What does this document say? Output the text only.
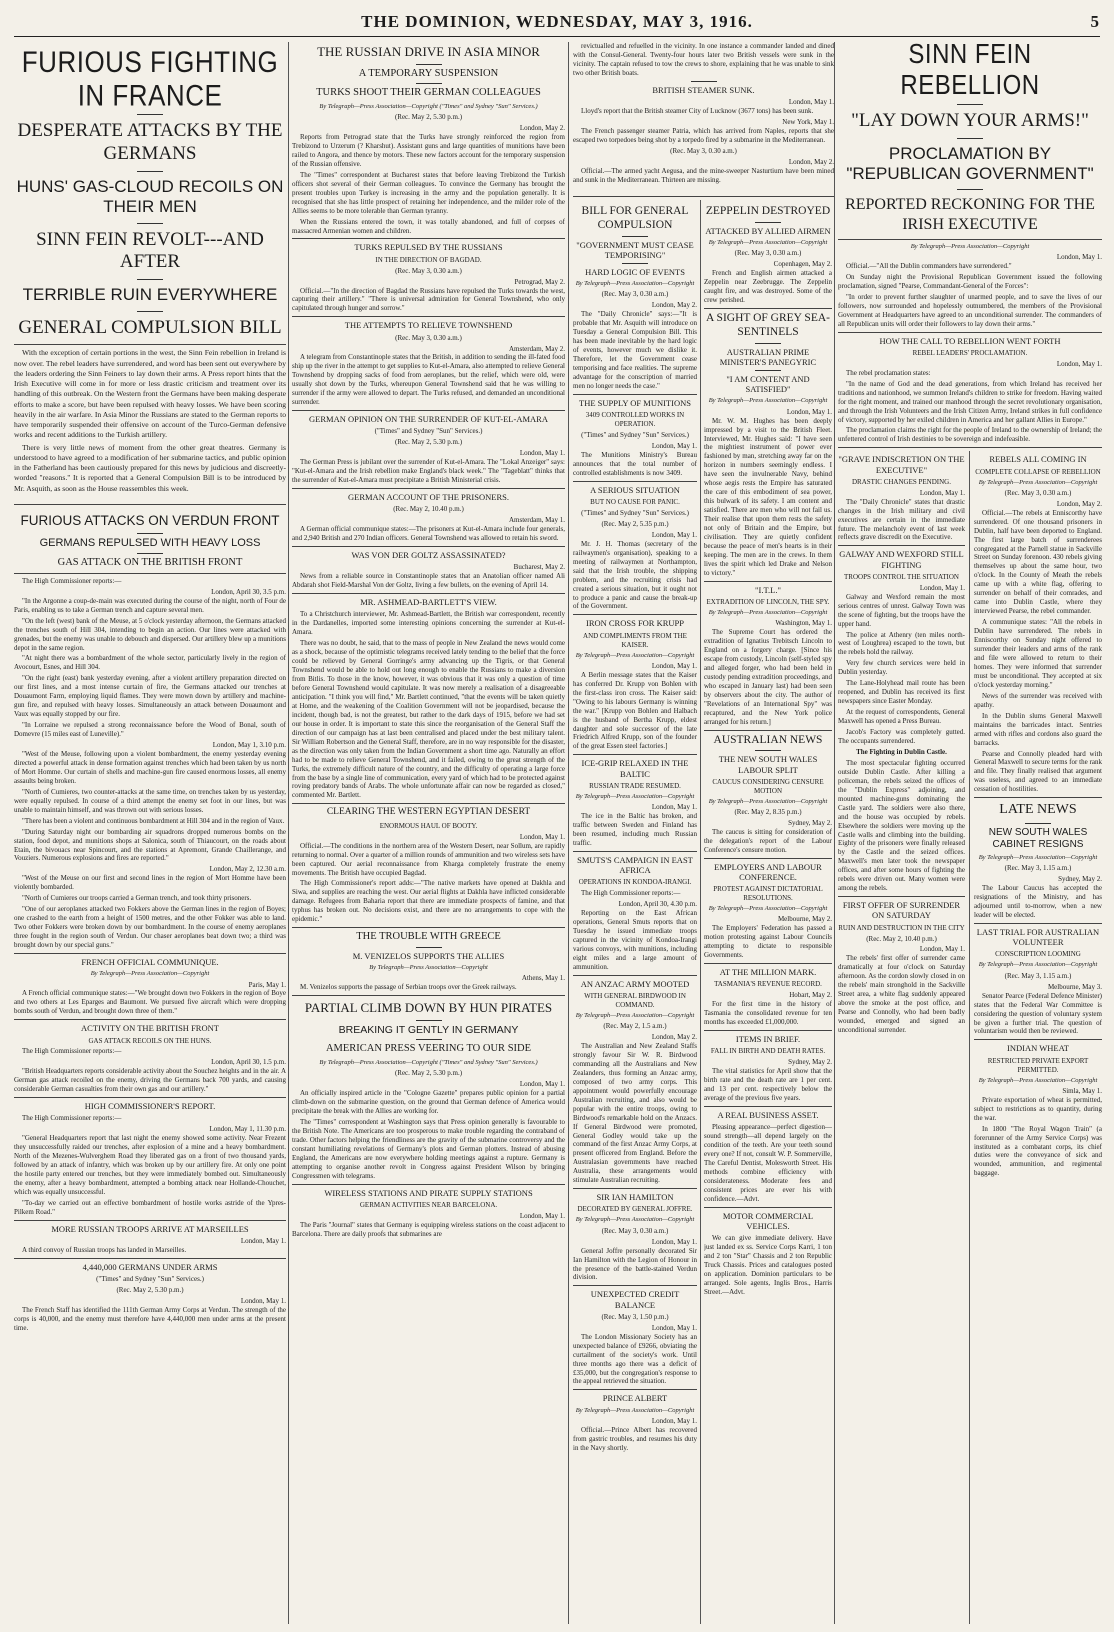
THE DOMINION, WEDNESDAY, MAY 3, 1916.	5
FURIOUS FIGHTING IN FRANCE
DESPERATE ATTACKS BY THE GERMANS
HUNS' GAS-CLOUD RECOILS ON THEIR MEN
SINN FEIN REVOLT---AND AFTER
TERRIBLE RUIN EVERYWHERE
GENERAL COMPULSION BILL

With the exception of certain portions in the west, the Sinn Fein rebellion in Ireland is now over. The rebel leaders have surrendered, and word has been sent out everywhere by the leaders ordering the Sinn Feiners to lay down their arms. A Press report hints that the Irish Executive will come in for more or less drastic criticism and treatment over its handling of this outbreak. On the Western front the Germans have been making desperate efforts to make a score, but have been repulsed with heavy losses. We have been scoring heavily in the air warfare. In Asia Minor the Russians are stated to the German reports to have temporarily suspended their offensive on account of the Turco-German defensive works and recent additions to the Turkish artillery.

There is very little news of moment from the other great theatres. Germany is understood to have agreed to a modification of her submarine tactics, and public opinion in the Fatherland has been cautiously prepared for this news by judicious and discreetly-worded "reasons." It is reported that a General Compulsion Bill is to be introduced by Mr. Asquith, as soon as the House reassembles this week.

FURIOUS ATTACKS ON VERDUN FRONT
GERMANS REPULSED WITH HEAVY LOSS
GAS ATTACK ON THE BRITISH FRONT

The High Commissioner reports:—

London, April 30, 3.5 p.m.

"In the Argonne a coup-de-main was executed during the course of the night, north of Four de Paris, enabling us to take a German trench and capture several men.

"On the left (west) bank of the Meuse, at 5 o'clock yesterday afternoon, the Germans attacked the trenches south of Hill 304, intending to begin an action. Our lines were attacked with grenades, but the enemy was unable to debouch and dispersed. Our artillery blew up a munitions depot in the same region.

"At night there was a bombardment of the whole sector, particularly lively in the region of Avocourt, Esnes, and Hill 304.

"On the right (east) bank yesterday evening, after a violent artillery preparation directed on our first lines, and a most intense curtain of fire, the Germans attacked our trenches at Douaumont Farm, employing liquid flames. They were mown down by artillery and machine-gun fire, and repulsed with heavy losses. Simultaneously an attack between Douaumont and Vaux was equally stopped by our fire.

"In Lorraine we repulsed a strong reconnaissance before the Wood of Bonal, south of Domevre (15 miles east of Luneville)."

London, May 1, 3.10 p.m.

"West of the Meuse, following upon a violent bombardment, the enemy yesterday evening directed a powerful attack in dense formation against trenches which had been taken by us north of Mort Homme. Our curtain of shells and machine-gun fire caused enormous losses, all enemy assaults being broken.

"North of Cumieres, two counter-attacks at the same time, on trenches taken by us yesterday, were equally repulsed. In course of a third attempt the enemy set foot in our lines, but was unable to maintain himself, and was thrown out with serious losses.

"There has been a violent and continuous bombardment at Hill 304 and in the region of Vaux.

"During Saturday night our bombarding air squadrons dropped numerous bombs on the station, food depot, and munitions shops at Salonica, south of Thiaucourt, on the roads about Etain, the bivouacs near Spincourt, and the stations at Apremont, Grande Chaillerange, and Vouziers. Numerous explosions and fires are reported."

London, May 2, 12.30 a.m.

"West of the Meuse on our first and second lines in the region of Mort Homme have been violently bombarded.

"North of Cumieres our troops carried a German trench, and took thirty prisoners.

"One of our aeroplanes attacked two Fokkers above the German lines in the region of Boyes; one crashed to the earth from a height of 1500 metres, and the other Fokker was able to land. Two other Fokkers were broken down by our bombardment. In the course of enemy aeroplanes three fought in the region south of Verdun. Our chaser aeroplanes beat down two; a third was brought down by our special guns."

FRENCH OFFICIAL COMMUNIQUE.
By Telegraph—Press Association—Copyright
Paris, May 1.

A French official communique states:—"We brought down two Fokkers in the region of Boye and two others at Les Eparges and Baumont. We pursued five aircraft which were dropping bombs south of Verdun, and brought down three of them."

ACTIVITY ON THE BRITISH FRONT
GAS ATTACK RECOILS ON THE HUNS.

The High Commissioner reports:—

London, April 30, 1.5 p.m.

"British Headquarters reports considerable activity about the Souchez heights and in the air. A German gas attack recoiled on the enemy, driving the Germans back 700 yards, and causing considerable German casualties from their own gas and our artillery."

HIGH COMMISSIONER'S REPORT.

The High Commissioner reports:—

London, May 1, 11.30 p.m.

"General Headquarters report that last night the enemy showed some activity. Near Frezent they unsuccessfully raided our trenches, after explosion of a mine and a heavy bombardment. North of the Mezenes-Wulverghem Road they liberated gas on a front of two thousand yards, followed by an attack of infantry, which was broken up by our artillery fire. At only one point the hostile party entered our trenches, but they were immediately bombed out. Simultaneously the enemy, after a heavy bombardment, attempted a bombing attack near Hollande-Chouchet, which was equally unsuccessful.

"To-day we carried out an effective bombardment of hostile works astride of the Ypres-Pilkem Road."

MORE RUSSIAN TROOPS ARRIVE AT MARSEILLES
London, May 1.

A third convoy of Russian troops has landed in Marseilles.

4,440,000 GERMANS UNDER ARMS
("Times" and Sydney "Sun" Services.)
(Rec. May 2, 5.30 p.m.)
London, May 1.

The French Staff has identified the 111th German Army Corps at Verdun. The strength of the corps is 40,000, and the enemy must therefore have 4,440,000 men under arms at the present time.

THE RUSSIAN DRIVE IN ASIA MINOR
A TEMPORARY SUSPENSION
TURKS SHOOT THEIR GERMAN COLLEAGUES
By Telegraph—Press Association—Copyright ("Times" and Sydney "Sun" Services.)
(Rec. May 2, 5.30 p.m.)
London, May 2.

Reports from Petrograd state that the Turks have strongly reinforced the region from Trebizond to Urzerum (? Kharshut). Assistant guns and large quantities of munitions have been railed to Angora, and thence by motors. These new factors account for the temporary suspension of the Russian offensive.

The "Times" correspondent at Bucharest states that before leaving Trebizond the Turkish officers shot several of their German colleagues. To convince the Germany has brought the present troubles upon Turkey is increasing in the army and the population generally. It is recognised that she has little prospect of retaining her independence, and the milder role of the Allies seems to be more tolerable than German tyranny.

When the Russians entered the town, it was totally abandoned, and full of corpses of massacred Armenian women and children.

TURKS REPULSED BY THE RUSSIANS
IN THE DIRECTION OF BAGDAD.
(Rec. May 3, 0.30 a.m.)
Petrograd, May 2.

Official.—"In the direction of Bagdad the Russians have repulsed the Turks towards the west, capturing their artillery." "There is universal admiration for General Townshend, who only capitulated through hunger and sorrow."

THE ATTEMPTS TO RELIEVE TOWNSHEND
(Rec. May 3, 0.30 a.m.)
Amsterdam, May 2.

A telegram from Constantinople states that the British, in addition to sending the ill-fated food ship up the river in the attempt to get supplies to Kut-el-Amara, also attempted to relieve General Townshend by dropping sacks of food from aeroplanes, but the relief, which were old, were usually shot down by the Turks, whereupon General Townshend said that he was willing to surrender if the army were allowed to depart. The Turks refused, and demanded an unconditional surrender.

GERMAN OPINION ON THE SURRENDER OF KUT-EL-AMARA
("Times" and Sydney "Sun" Services.)
(Rec. May 2, 5.30 p.m.)
London, May 1.

The German Press is jubilant over the surrender of Kut-el-Amara. The "Lokal Anzeiger" says: "Kut-el-Amara and the Irish rebellion make England's black week." The "Tageblatt" thinks that the surrender of Kut-el-Amara must precipitate a British Ministerial crisis.

GERMAN ACCOUNT OF THE PRISONERS.
(Rec. May 2, 10.40 p.m.)
Amsterdam, May 1.

A German official communique states:—The prisoners at Kut-el-Amara include four generals, and 2,940 British and 270 Indian officers. General Townshend was allowed to retain his sword.

WAS VON DER GOLTZ ASSASSINATED?
Bucharest, May 2.

News from a reliable source in Constantinople states that an Anatolian officer named Ali Abdarah shot Field-Marshal Von der Goltz, living a few bullets, on the evening of April 14.

MR. ASHMEAD-BARTLETT'S VIEW.

To a Christchurch interviewer, Mr. Ashmead-Bartlett, the British war correspondent, recently in the Dardanelles, imported some interesting opinions concerning the surrender at Kut-el-Amara.

There was no doubt, he said, that to the mass of people in New Zealand the news would come as a shock, because of the optimistic telegrams received lately tending to the belief that the force could be relieved by General Gorringe's army advancing up the Tigris, or that General Townshend would be able to hold out long enough to enable the Russians to make a diversion from Bitlis. To those in the know, however, it was obvious that it was only a question of time before General Townshend would capitulate. It was now merely a realisation of a disagreeable anticipation. "I think you will find," Mr. Bartlett continued, "that the events will be taken quietly at Home, and the weakening of the Coalition Government will not be jeopardised, because the incident, though bad, is not the greatest, but rather to the dark days of 1915, before we had set our house in order. It is important to state this since the reorganisation of the General Staff the direction of our campaign has at last been centralised and placed under the best military talent. Sir William Robertson and the General Staff, therefore, are in no way responsible for the disaster, as the direction was only taken from the Indian Government a short time ago. Naturally an effort had to be made to relieve General Townshend, and it failed, owing to the great strength of the Turks, the extremely difficult nature of the country, and the difficulty of operating a large force from the base by a single line of communication, every yard of which had to be protected against roving predatory bands of Arabs. The whole unfortunate affair can now be regarded as closed," commented Mr. Bartlett.

CLEARING THE WESTERN EGYPTIAN DESERT
ENORMOUS HAUL OF BOOTY.
London, May 1.

Official.—The conditions in the northern area of the Western Desert, near Sollum, are rapidly returning to normal. Over a quarter of a million rounds of ammunition and two wireless sets have been captured. Our aerial reconnaissance from Kharga completely frustrate the enemy movements. The British have occupied Bagdad.

The High Commissioner's report adds:—"The native markets have opened at Dakhla and Siwa, and supplies are reaching the west. Our aerial flights at Dakhla have inflicted considerable damage. Refugees from Baharia report that there are immediate prospects of famine, and that typhus has broken out. No decisions exist, and there are no arrangements to cope with the epidemic."

THE TROUBLE WITH GREECE
M. VENIZELOS SUPPORTS THE ALLIES
By Telegraph—Press Association—Copyright
Athens, May 1.

M. Venizelos supports the passage of Serbian troops over the Greek railways.

PARTIAL CLIMB DOWN BY HUN PIRATES
BREAKING IT GENTLY IN GERMANY
AMERICAN PRESS VEERING TO OUR SIDE
By Telegraph—Press Association—Copyright ("Times" and Sydney "Sun" Services.)
(Rec. May 2, 5.30 p.m.)
London, May 1.

An officially inspired article in the "Cologne Gazette" prepares public opinion for a partial climb-down on the submarine question, on the ground that German defence of America would precipitate the break with the Allies are working for.

The "Times" correspondent at Washington says that Press opinion generally is favourable to the British Note. The Americans are too prosperous to make trouble regarding the contraband of trade. Other factors helping the friendliness are the gravity of the submarine controversy and the constant humiliating revelations of Germany's plots and German plotters. Instead of abusing England, the Americans are now everywhere holding meetings against a rupture. Germany is attempting to organise another revolt in Congress against President Wilson by bringing Congressmen with telegrams.

WIRELESS STATIONS AND PIRATE SUPPLY STATIONS
GERMAN ACTIVITIES NEAR BARCELONA.
London, May 1.

The Paris "Journal" states that Germany is equipping wireless stations on the coast adjacent to Barcelona. There are daily proofs that submarines are

revictualled and refuelled in the vicinity. In one instance a commander landed and dined with the Consul-General. Twenty-four hours later two British vessels were sunk in the vicinity. The captain refused to tow the crews to shore, explaining that he was unable to sink two other British boats.

BRITISH STEAMER SUNK.
London, May 1.

Lloyd's report that the British steamer City of Lucknow (3677 tons) has been sunk.

New York, May 1.

The French passenger steamer Patria, which has arrived from Naples, reports that she escaped two torpedoes being shot by a torpedo fired by a submarine in the Mediterranean.

(Rec. May 3, 0.30 a.m.)
London, May 2.

Official.—The armed yacht Aegusa, and the mine-sweeper Nasturtium have been mined and sunk in the Mediterranean. Thirteen are missing.

BILL FOR GENERAL COMPULSION
"GOVERNMENT MUST CEASE TEMPORISING"
HARD LOGIC OF EVENTS
By Telegraph—Press Association—Copyright
(Rec. May 3, 0.30 a.m.)
London, May 2.

The "Daily Chronicle" says:—"It is probable that Mr. Asquith will introduce on Tuesday a General Compulsion Bill. This has been made inevitable by the hard logic of events, however much we dislike it. Therefore, let the Government cease temporising and face realities. The supreme advantage for the conscription of married men no longer needs the case."

THE SUPPLY OF MUNITIONS
3409 CONTROLLED WORKS IN OPERATION.
("Times" and Sydney "Sun" Services.)
London, May 1.

The Munitions Ministry's Bureau announces that the total number of controlled establishments is now 3409.

A SERIOUS SITUATION
BUT NO CAUSE FOR PANIC.
("Times" and Sydney "Sun" Services.)
(Rec. May 2, 5.35 p.m.)
London, May 1.

Mr. J. H. Thomas (secretary of the railwaymen's organisation), speaking to a meeting of railwaymen at Northampton, said that the Irish trouble, the shipping problem, and the recruiting crisis had created a serious situation, but it ought not to produce a panic and cause the break-up of the Government.

IRON CROSS FOR KRUPP
AND COMPLIMENTS FROM THE KAISER.
By Telegraph—Press Association—Copyright
London, May 1.

A Berlin message states that the Kaiser has conferred Dr. Krupp von Bohlen with the first-class iron cross. The Kaiser said: "Owing to his labours Germany is winning the war." [Krupp von Bohlen and Halbach is the husband of Bertha Krupp, eldest daughter and sole successor of the late Friedrich Alfred Krupp, son of the founder of the great Essen steel factories.]

ICE-GRIP RELAXED IN THE BALTIC
RUSSIAN TRADE RESUMED.
By Telegraph—Press Association—Copyright
London, May 1.

The ice in the Baltic has broken, and traffic between Sweden and Finland has been resumed, including much Russian traffic.

SMUTS'S CAMPAIGN IN EAST AFRICA
OPERATIONS IN KONDOA-IRANGI.

The High Commissioner reports:—

London, April 30, 4.30 p.m.

Reporting on the East African operations, General Smuts reports that on Tuesday he issued immediate troops captured in the vicinity of Kondoa-Irangi various convoys, with munitions, including eight miles and a large amount of ammunition.

AN ANZAC ARMY MOOTED
WITH GENERAL BIRDWOOD IN COMMAND.
By Telegraph—Press Association—Copyright
(Rec. May 2, 1.5 a.m.)
London, May 2.

The Australian and New Zealand Staffs strongly favour Sir W. R. Birdwood commanding all the Australians and New Zealanders, thus forming an Anzac army, composed of two army corps. This appointment would powerfully encourage Australian recruiting, and also would be popular with the entire troops, owing to Birdwood's remarkable hold on the Anzacs. If General Birdwood were promoted, General Godley would take up the command of the first Anzac Army Corps, at present officered from England. Before the Australasian governments have reached Australia, these arrangements would stimulate Australian recruiting.

SIR IAN HAMILTON
DECORATED BY GENERAL JOFFRE.
By Telegraph—Press Association—Copyright
(Rec. May 3, 0.30 a.m.)
London, May 1.

General Joffre personally decorated Sir Ian Hamilton with the Legion of Honour in the presence of the battle-stained Verdun division.

UNEXPECTED CREDIT BALANCE
(Rec. May 3, 1.50 p.m.)
London, May 1.

The London Missionary Society has an unexpected balance of £9266, obviating the curtailment of the society's work. Until three months ago there was a deficit of £35,000, but the congregation's response to the appeal retrieved the situation.

PRINCE ALBERT
By Telegraph—Press Association—Copyright
London, May 1.

Official.—Prince Albert has recovered from gastric troubles, and resumes his duty in the Navy shortly.

ZEPPELIN DESTROYED
ATTACKED BY ALLIED AIRMEN
By Telegraph—Press Association—Copyright
(Rec. May 3, 0.30 a.m.)
Copenhagen, May 2.

French and English airmen attacked a Zeppelin near Zeebrugge. The Zeppelin caught fire, and was destroyed. Some of the crew perished.

A SIGHT OF GREY SEA-SENTINELS
AUSTRALIAN PRIME MINISTER'S PANEGYRIC
"I AM CONTENT AND SATISFIED"
By Telegraph—Press Association—Copyright
London, May 1.

Mr. W. M. Hughes has been deeply impressed by a visit to the British Fleet. Interviewed, Mr. Hughes said: "I have seen the mightiest instrument of power ever fashioned by man, stretching away far on the horizon in numbers seemingly endless. I have seen the invulnerable Navy, behind whose aegis rests the Empire has saturated the care of this embodiment of sea power, this bulwark of its safety. I am content and satisfied. There are men who will not fail us. Their realise that upon them rests the safety not only of Britain and the Empire, but civilisation. They are quietly confident because the peace of men's hearts is in their keeping. The men are in the crews. In them lives the spirit which led Drake and Nelson to victory."

"I.T.L."
EXTRADITION OF LINCOLN, THE SPY.
By Telegraph—Press Association—Copyright
Washington, May 1.

The Supreme Court has ordered the extradition of Ignatius Trebitsch Lincoln to England on a forgery charge. [Since his escape from custody, Lincoln (self-styled spy and alleged forger, who had been held in custody pending extradition proceedings, and who escaped in January last) had been seen by observers about the city. The author of "Revelations of an International Spy" was recaptured, and the New York police arranged for his return.]

AUSTRALIAN NEWS
THE NEW SOUTH WALES LABOUR SPLIT
CAUCUS CONSIDERING CENSURE MOTION
By Telegraph—Press Association—Copyright
(Rec. May 2, 8.35 p.m.)
Sydney, May 2.

The caucus is sitting for consideration of the delegation's report of the Labour Conference's censure motion.

EMPLOYERS AND LABOUR CONFERENCE.
PROTEST AGAINST DICTATORIAL RESOLUTIONS.
By Telegraph—Press Association—Copyright
Melbourne, May 2.

The Employers' Federation has passed a motion protesting against Labour Councils attempting to dictate to responsible Governments.

AT THE MILLION MARK.
TASMANIA'S REVENUE RECORD.
Hobart, May 2.

For the first time in the history of Tasmania the consolidated revenue for ten months has exceeded £1,000,000.

ITEMS IN BRIEF.
FALL IN BIRTH AND DEATH RATES.
Sydney, May 2.

The vital statistics for April show that the birth rate and the death rate are 1 per cent. and 13 per cent. respectively below the average of the previous five years.

A REAL BUSINESS ASSET.

Pleasing appearance—perfect digestion—sound strength—all depend largely on the condition of the teeth. Are your teeth sound every one? If not, consult W. P. Sommerville, The Careful Dentist, Molesworth Street. His methods combine efficiency with considerateness. Moderate fees and consistent prices are ever his with confidence.—Advt.

MOTOR COMMERCIAL VEHICLES.

We can give immediate delivery. Have just landed ex ss. Service Corps Karri, 1 ton and 2 ton "Star" Chassis and 2 ton Republic Truck Chassis. Prices and catalogues posted on application. Dominion particulars to be arranged. Sole agents, Inglis Bros., Harris Street.—Advt.

SINN FEIN REBELLION
"LAY DOWN YOUR ARMS!"
PROCLAMATION BY "REPUBLICAN GOVERNMENT"
REPORTED RECKONING FOR THE IRISH EXECUTIVE
By Telegraph—Press Association—Copyright
London, May 1.

Official.—"All the Dublin commanders have surrendered."

On Sunday night the Provisional Republican Government issued the following proclamation, signed "Pearse, Commandant-General of the Forces":

"In order to prevent further slaughter of unarmed people, and to save the lives of our followers, now surrounded and hopelessly outnumbered, the members of the Provisional Government at Headquarters have agreed to an unconditional surrender. The commanders of all Republican units will order their followers to lay down their arms."

HOW THE CALL TO REBELLION WENT FORTH
REBEL LEADERS' PROCLAMATION.
London, May 1.

The rebel proclamation states:

"In the name of God and the dead generations, from which Ireland has received her traditions and nationhood, we summon Ireland's children to strike for freedom. Having waited for the right moment, and trained our manhood through the secret revolutionary organisation, and through the Irish Volunteers and the Irish Citizen Army, Ireland strikes in full confidence of victory, supported by her exiled children in America and her gallant Allies in Europe."

The proclamation claims the right for the people of Ireland to the ownership of Ireland; the unfettered control of Irish destinies to be sovereign and indefeasible.

"GRAVE INDISCRETION ON THE EXECUTIVE"
DRASTIC CHANGES PENDING.
London, May 1.

The "Daily Chronicle" states that drastic changes in the Irish military and civil executives are certain in the immediate future. The melancholy event of last week reflects grave discredit on the Executive.

GALWAY AND WEXFORD STILL FIGHTING
TROOPS CONTROL THE SITUATION
London, May 1.

Galway and Wexford remain the most serious centres of unrest. Galway Town was the scene of fighting, but the troops have the upper hand.

The police at Athenry (ten miles north-west of Loughrea) escaped to the town, but the rebels hold the railway.

Very few church services were held in Dublin yesterday.

The Lane-Holyhead mail route has been reopened, and Dublin has received its first newspapers since Easter Monday.

At the request of correspondents, General Maxwell has opened a Press Bureau.

Jacob's Factory was completely gutted. The occupants surrendered.

The Fighting in Dublin Castle.

The most spectacular fighting occurred outside Dublin Castle. After killing a policeman, the rebels seized the offices of the "Dublin Express" adjoining, and mounted machine-guns dominating the Castle yard. The soldiers were also there, and the house was occupied by rebels. Elsewhere the soldiers were moving up the Castle walls and climbing into the building. Eighty of the prisoners were finally released by the Castle and the seized offices. Maxwell's men later took the newspaper offices, and after some hours of fighting the rebels were driven out. Many women were among the rebels.

FIRST OFFER OF SURRENDER ON SATURDAY
RUIN AND DESTRUCTION IN THE CITY
(Rec. May 2, 10.40 p.m.)
London, May 1.

The rebels' first offer of surrender came dramatically at four o'clock on Saturday afternoon. As the cordon slowly closed in on the rebels' main stronghold in the Sackville Street area, a white flag suddenly appeared above the smoke at the post office, and Pearse and Connolly, who had been badly wounded, emerged and signed an unconditional surrender.

REBELS ALL COMING IN
COMPLETE COLLAPSE OF REBELLION
By Telegraph—Press Association—Copyright
(Rec. May 3, 0.30 a.m.)
London, May 2.

Official.—The rebels at Enniscorthy have surrendered. Of one thousand prisoners in Dublin, half have been deported to England. The first large batch of surrenderees congregated at the Parnell statue in Sackville Street on Sunday forenoon. 430 rebels giving themselves up about the same hour, two o'clock. In the County of Meath the rebels came up with a white flag, offering to surrender on behalf of their comrades, and came into Dublin Castle, where they interviewed Pearse, the rebel commander.

A communique states: "All the rebels in Dublin have surrendered. The rebels in Enniscorthy on Sunday night offered to surrender their leaders and arms of the rank and file were allowed to return to their homes. They were informed that surrender must be unconditional. They accepted at six o'clock yesterday morning."

News of the surrender was received with apathy.

In the Dublin slums General Maxwell maintains the barricades intact. Sentries armed with rifles and cordons also guard the barracks.

Pearse and Connolly pleaded hard with General Maxwell to secure terms for the rank and file. They finally realised that argument was useless, and agreed to an immediate cessation of hostilities.

LATE NEWS
NEW SOUTH WALES CABINET RESIGNS
By Telegraph—Press Association—Copyright
(Rec. May 3, 1.15 a.m.)
Sydney, May 2.

The Labour Caucus has accepted the resignations of the Ministry, and has adjourned until to-morrow, when a new leader will be elected.

LAST TRIAL FOR AUSTRALIAN VOLUNTEER
CONSCRIPTION LOOMING
By Telegraph—Press Association—Copyright
(Rec. May 3, 1.15 a.m.)
Melbourne, May 3.

Senator Pearce (Federal Defence Minister) states that the Federal War Committee is considering the question of voluntary system be given a further trial. The question of voluntarism would then be reviewed.

INDIAN WHEAT
RESTRICTED PRIVATE EXPORT PERMITTED.
By Telegraph—Press Association—Copyright
Simla, May 1.

Private exportation of wheat is permitted, subject to restrictions as to quantity, during the war.

In 1800 "The Royal Wagon Train" (a forerunner of the Army Service Corps) was instituted as a combatant corps, its chief duties were the conveyance of sick and wounded, ammunition, and regimental baggage.
